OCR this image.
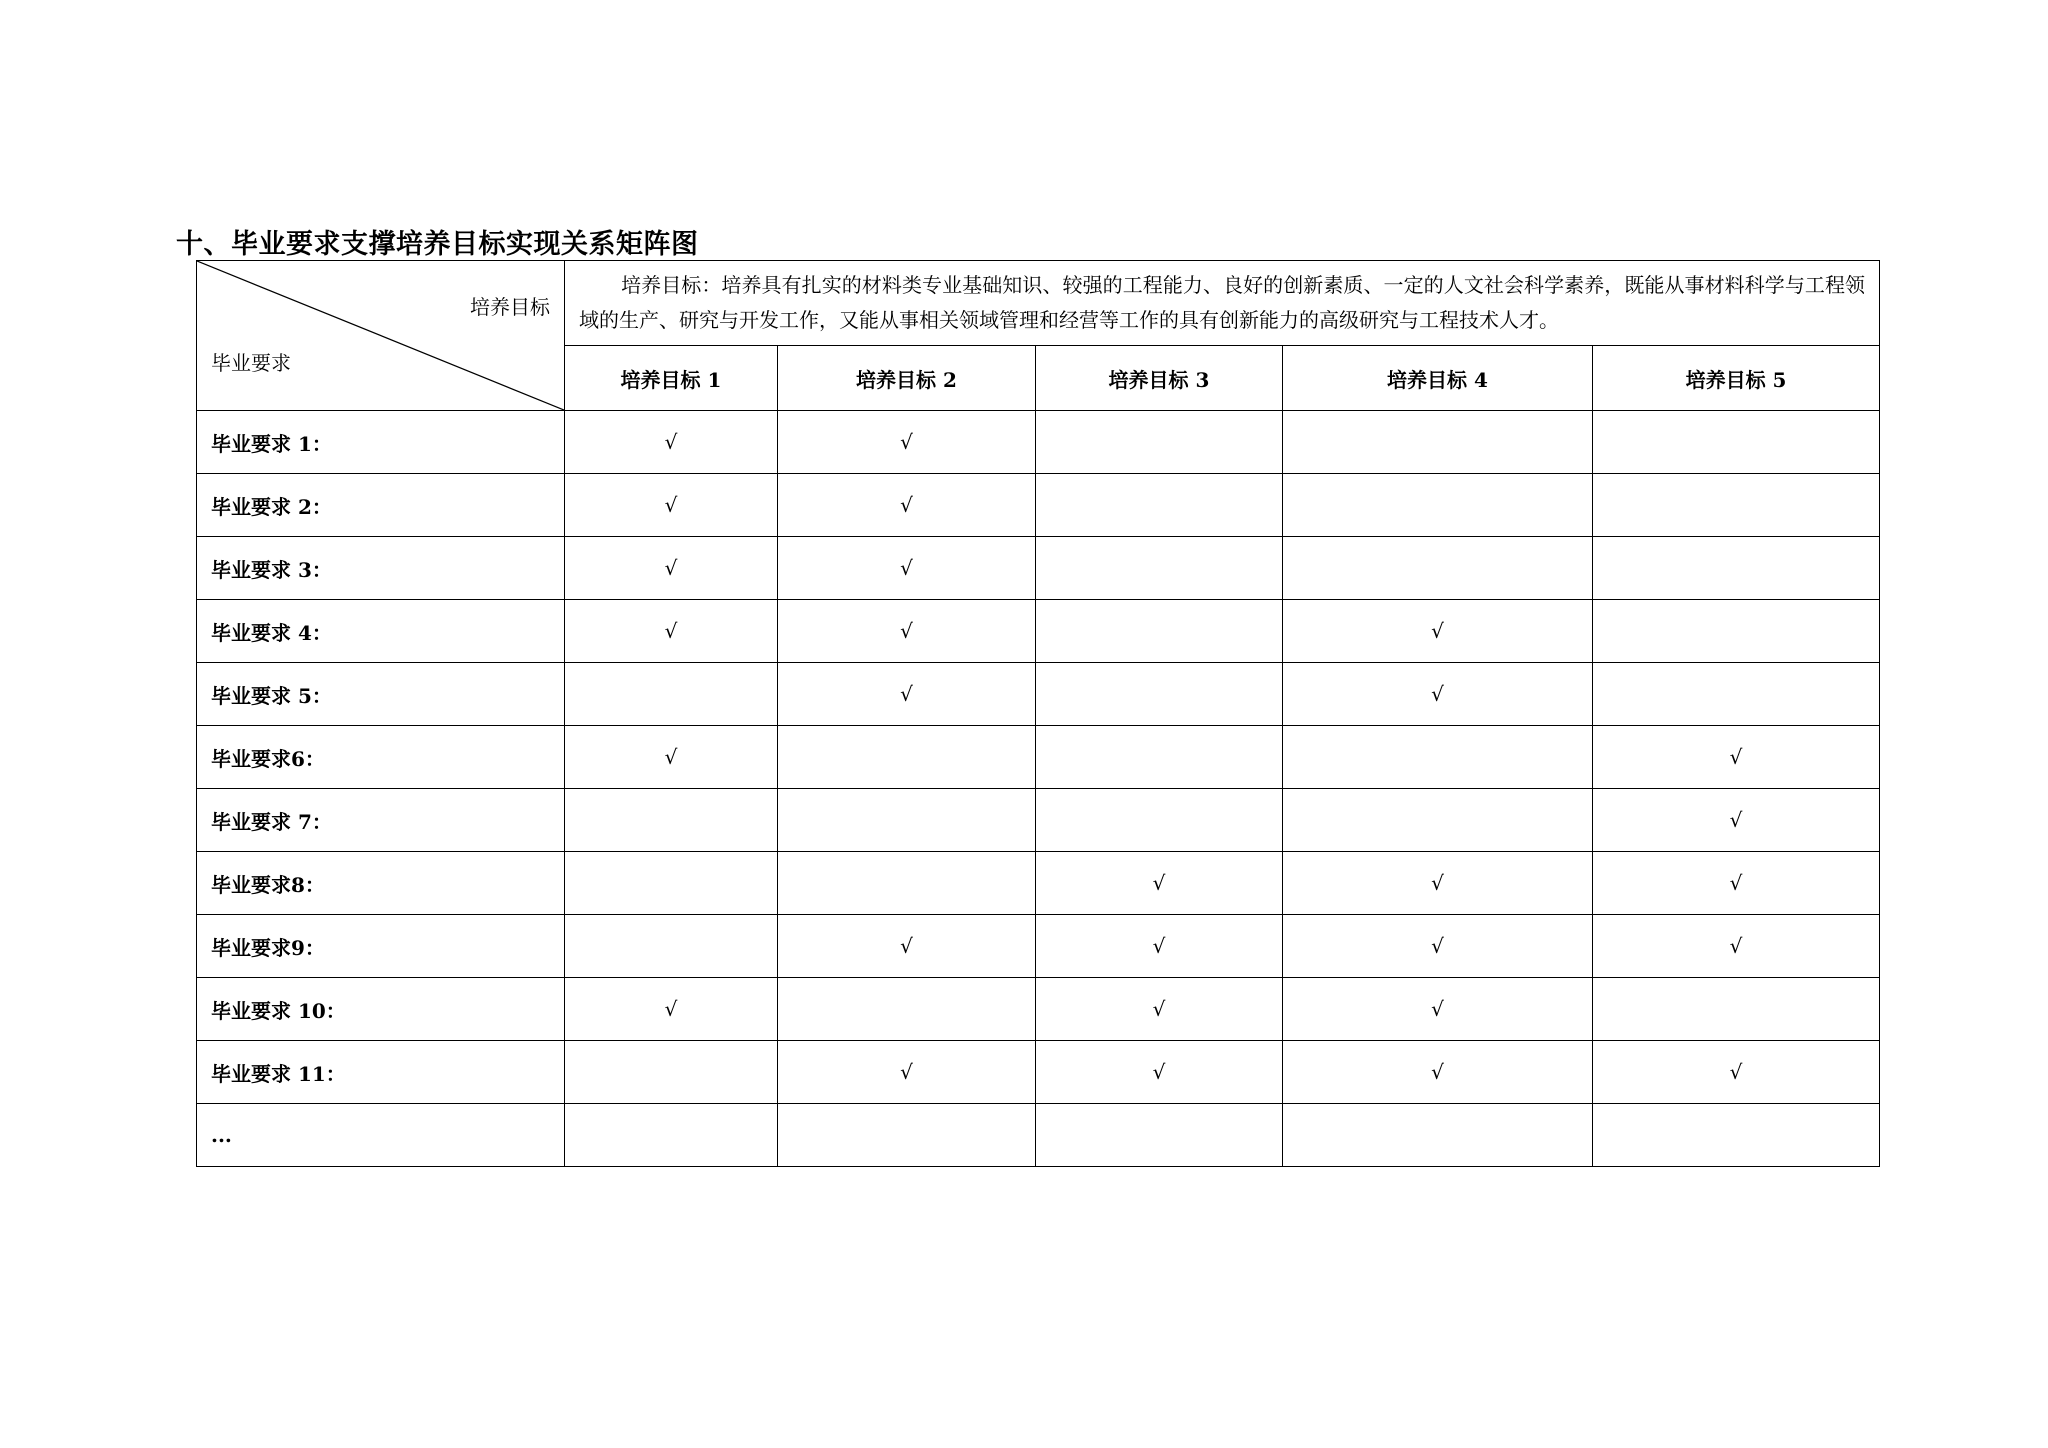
十、毕业要求支撑培养目标实现关系矩阵图
培养目标
毕业要求	培养目标：培养具有扎实的材料类专业基础知识、较强的工程能力、良好的创新素质、一定的人文社会科学素养，既能从事材料科学与工程领域的生产、研究与开发工作，又能从事相关领域管理和经营等工作的具有创新能力的高级研究与工程技术人才。				
	培养目标 1	培养目标 2	培养目标 3	培养目标 4	培养目标 5
毕业要求 1：	√	√			
毕业要求 2：	√	√			
毕业要求 3：	√	√			
毕业要求 4：	√	√		√	
毕业要求 5：		√		√	
毕业要求6：	√				√
毕业要求 7：					√
毕业要求8：			√	√	√
毕业要求9：		√	√	√	√
毕业要求 10：	√		√	√	
毕业要求 11：		√	√	√	√
...					
